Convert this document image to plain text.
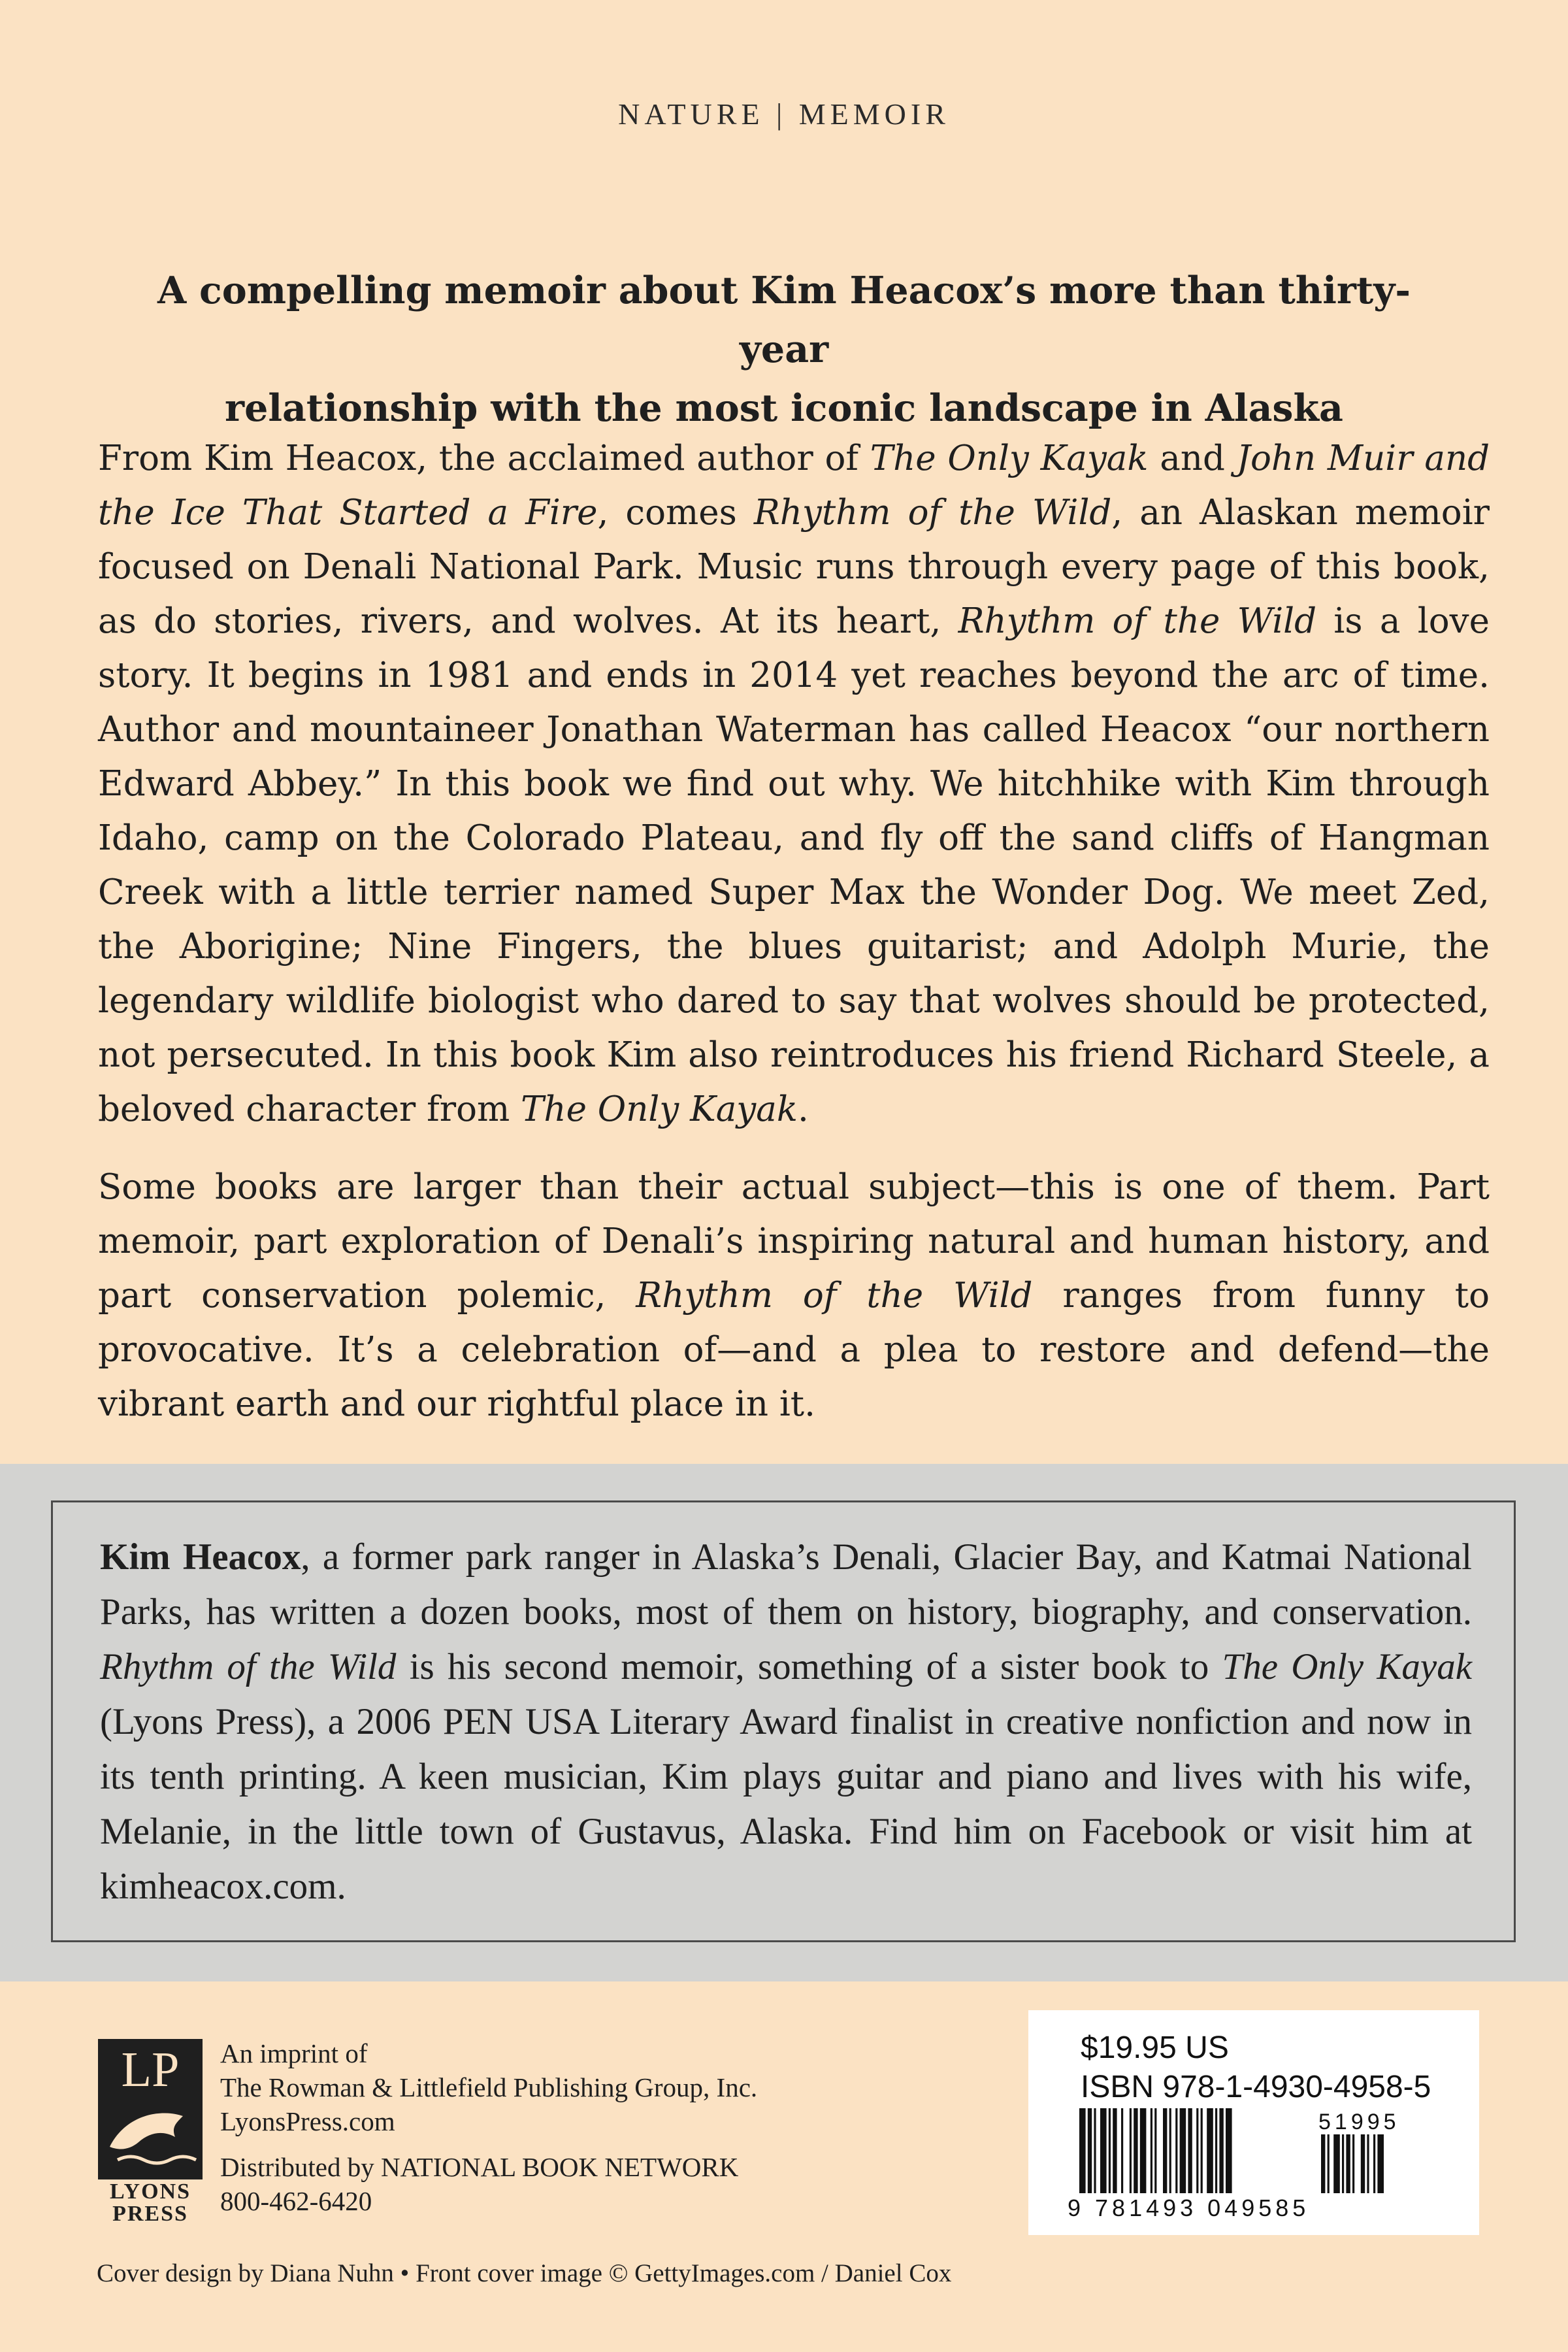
NATURE | MEMOIR
A compelling memoir about Kim Heacox’s more than thirty-year
relationship with the most iconic landscape in Alaska

From Kim Heacox, the acclaimed author of The Only Kayak and John Muir and the Ice That Started a Fire, comes Rhythm of the Wild, an Alaskan memoir focused on Denali National Park. Music runs through every page of this book, as do stories, rivers, and wolves. At its heart, Rhythm of the Wild is a love story. It begins in 1981 and ends in 2014 yet reaches beyond the arc of time. Author and mountaineer Jonathan Waterman has called Heacox “our northern Edward Abbey.” In this book we find out why. We hitchhike with Kim through Idaho, camp on the Colorado Plateau, and fly off the sand cliffs of Hangman Creek with a little terrier named Super Max the Wonder Dog. We meet Zed, the Aborigine; Nine Fingers, the blues guitarist; and Adolph Murie, the legendary wildlife biologist who dared to say that wolves should be protected, not persecuted. In this book Kim also reintroduces his friend Richard Steele, a beloved character from The Only Kayak.

Some books are larger than their actual subject—this is one of them. Part memoir, part exploration of Denali’s inspiring natural and human history, and part conservation polemic, Rhythm of the Wild ranges from funny to provocative. It’s a celebration of—and a plea to restore and defend—the vibrant earth and our rightful place in it.

Kim Heacox, a former park ranger in Alaska’s Denali, Glacier Bay, and Katmai National Parks, has written a dozen books, most of them on history, biography, and conservation. Rhythm of the Wild is his second memoir, something of a sister book to The Only Kayak (Lyons Press), a 2006 PEN USA Literary Award finalist in creative nonfiction and now in its tenth printing. A keen musician, Kim plays guitar and piano and lives with his wife, Melanie, in the little town of Gustavus, Alaska. Find him on Facebook or visit him at kimheacox.com.
LP
LYONS
PRESS
An imprint of
The Rowman & Littlefield Publishing Group, Inc.
LyonsPress.com
Distributed by NATIONAL BOOK NETWORK
800-462-6420
$19.95 US
ISBN 978-1-4930-4958-5
51995
9 781493 049585
Cover design by Diana Nuhn • Front cover image © GettyImages.com / Daniel Cox
